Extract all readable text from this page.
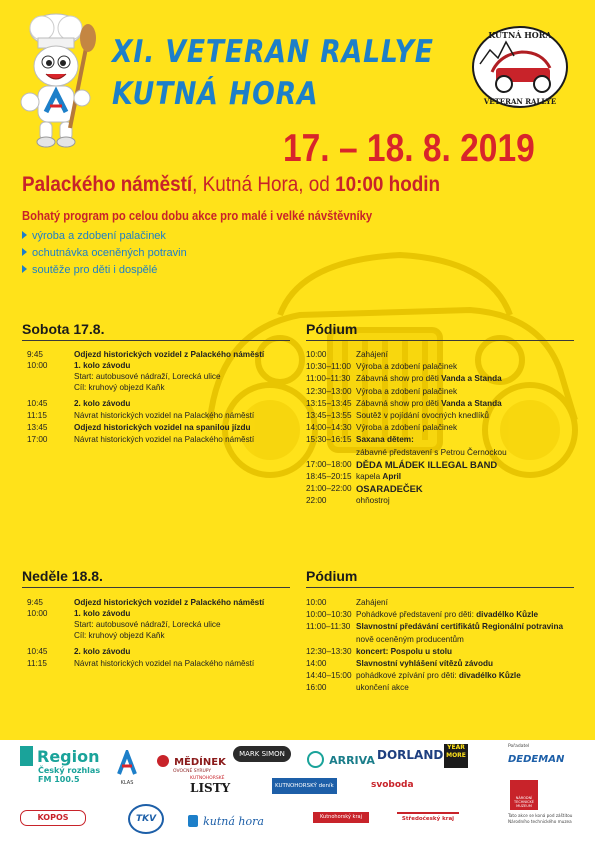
XI. VETERAN RALLYE
KUTNÁ HORA
KUTNÁ HORA
VETERAN RALLYE
17. – 18. 8. 2019
Palackého náměstí, Kutná Hora, od 10:00 hodin
Bohatý program po celou dobu akce pro malé i velké návštěvníky
výroba a zdobení palačinek
ochutnávka oceněných potravin
soutěže pro děti i dospělé
Sobota 17.8.
9:45	Odjezd historických vozidel z Palackého náměstí
10:00	1. kolo závodu
Start: autobusové nádraží, Lorecká ulice
Cíl: kruhový objezd Kaňk
10:45	2. kolo závodu
11:15	Návrat historických vozidel na Palackého náměstí
13:45	Odjezd historických vozidel na spanilou jízdu
17:00	Návrat historických vozidel na Palackého náměstí
Pódium
10:00	Zahájení
10:30–11:00 Výroba a zdobení palačinek
11:00–11:30 Zábavná show pro děti Vanda a Standa
12:30–13:00 Výroba a zdobení palačinek
13:15–13:45 Zábavná show pro děti Vanda a Standa
13:45–13:55 Soutěž v pojídání ovocných knedlíků
14:00–14:30 Výroba a zdobení palačinek
15:30–16:15 Saxana dětem:
zábavné představení s Petrou Černockou
17:00–18:00 DĚDA MLÁDEK ILLEGAL BAND
18:45–20:15 kapela April
21:00–22:00 OSARADEČEK
22:00	ohňostroj
Neděle 18.8.
9:45	Odjezd historických vozidel z Palackého náměstí
10:00	1. kolo závodu
Start: autobusové nádraží, Lorecká ulice
Cíl: kruhový objezd Kaňk
10:45	2. kolo závodu
11:15	Návrat historických vozidel na Palackého náměstí
Pódium
10:00	Zahájení
10:00–10:30 Pohádkové představení pro děti: divadélko Kůzle
11:00–11:30 Slavnostní předávání certifikátů Regionální potravina
nově oceněným producentům
12:30–13:30 koncert: Pospolu u stolu
14:00	Slavnostní vyhlášení vítězů závodu
14:40–15:00 pohádkové zpívání pro děti: divadélko Kůzle
16:00	ukončení akce
Region
Český rozhlas
FM 100.5	KLAS
MĚDÍNEK
OVOCNÉ SYRUPY
MARK SIMON	ARRIVA DORLAND
YEAR MORE
Pořadatel
DEDEMAN
KUTNOHORSKÉ
LISTY	KUTNOHORSKÝ deník	svoboda
KOPOS	TKV	kutná hora	Kutnohorský kraj	Středočeský kraj
NÁRODNÍ TECHNICKÉ MUZEUM
Tato akce se koná pod záštitou Národního technického muzea
